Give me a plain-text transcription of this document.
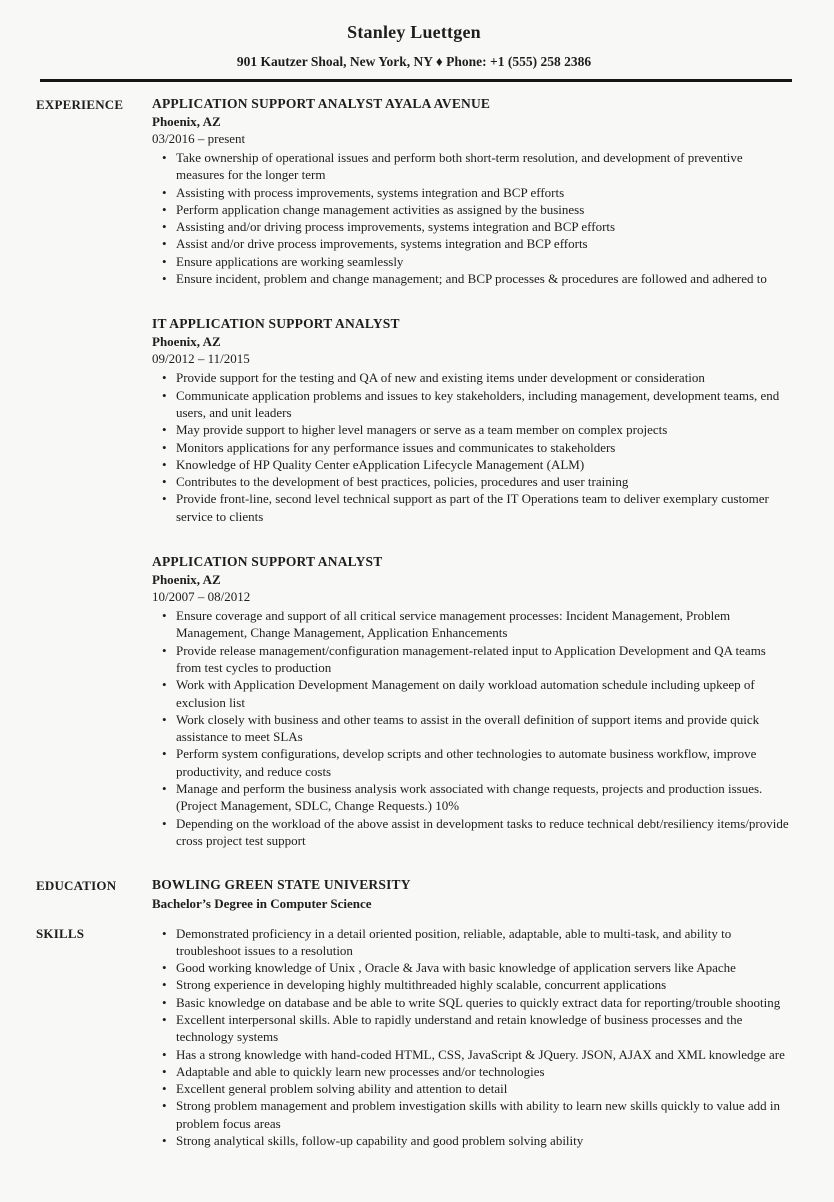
Stanley Luettgen
901 Kautzer Shoal, New York, NY ♦ Phone: +1 (555) 258 2386
EXPERIENCE	APPLICATION SUPPORT ANALYST AYALA AVENUE
Phoenix, AZ
03/2016 – present
• Take ownership of operational issues and perform both short-term resolution, and development of preventive measures for the longer term
• Assisting with process improvements, systems integration and BCP efforts
• Perform application change management activities as assigned by the business
• Assisting and/or driving process improvements, systems integration and BCP efforts
• Assist and/or drive process improvements, systems integration and BCP efforts
• Ensure applications are working seamlessly
• Ensure incident, problem and change management; and BCP processes & procedures are followed and adhered to
IT APPLICATION SUPPORT ANALYST
Phoenix, AZ
09/2012 – 11/2015
• Provide support for the testing and QA of new and existing items under development or consideration
• Communicate application problems and issues to key stakeholders, including management, development teams, end users, and unit leaders
• May provide support to higher level managers or serve as a team member on complex projects
• Monitors applications for any performance issues and communicates to stakeholders
• Knowledge of HP Quality Center eApplication Lifecycle Management (ALM)
• Contributes to the development of best practices, policies, procedures and user training
• Provide front-line, second level technical support as part of the IT Operations team to deliver exemplary customer service to clients
APPLICATION SUPPORT ANALYST
Phoenix, AZ
10/2007 – 08/2012
• Ensure coverage and support of all critical service management processes: Incident Management, Problem Management, Change Management, Application Enhancements
• Provide release management/configuration management-related input to Application Development and QA teams from test cycles to production
• Work with Application Development Management on daily workload automation schedule including upkeep of exclusion list
• Work closely with business and other teams to assist in the overall definition of support items and provide quick assistance to meet SLAs
• Perform system configurations, develop scripts and other technologies to automate business workflow, improve productivity, and reduce costs
• Manage and perform the business analysis work associated with change requests, projects and production issues. (Project Management, SDLC, Change Requests.) 10%
• Depending on the workload of the above assist in development tasks to reduce technical debt/resiliency items/provide cross project test support
EDUCATION	BOWLING GREEN STATE UNIVERSITY
Bachelor’s Degree in Computer Science
SKILLS	• Demonstrated proficiency in a detail oriented position, reliable, adaptable, able to multi-task, and ability to troubleshoot issues to a resolution
• Good working knowledge of Unix , Oracle & Java with basic knowledge of application servers like Apache
• Strong experience in developing highly multithreaded highly scalable, concurrent applications
• Basic knowledge on database and be able to write SQL queries to quickly extract data for reporting/trouble shooting
• Excellent interpersonal skills. Able to rapidly understand and retain knowledge of business processes and the technology systems
• Has a strong knowledge with hand-coded HTML, CSS, JavaScript & JQuery. JSON, AJAX and XML knowledge are
• Adaptable and able to quickly learn new processes and/or technologies
• Excellent general problem solving ability and attention to detail
• Strong problem management and problem investigation skills with ability to learn new skills quickly to value add in problem focus areas
• Strong analytical skills, follow-up capability and good problem solving ability
